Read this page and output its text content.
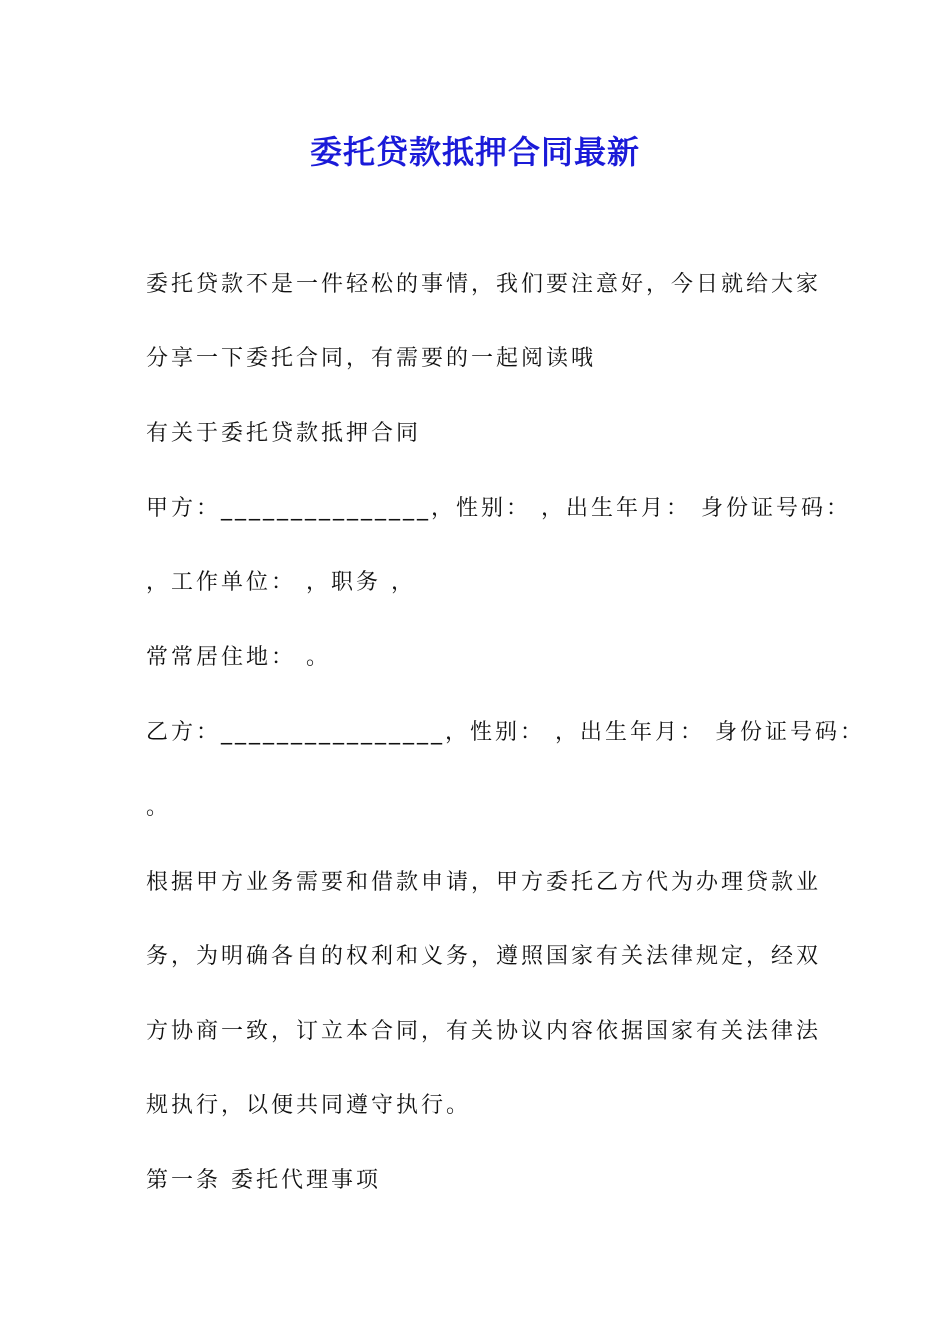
委托贷款抵押合同最新
委托贷款不是一件轻松的事情，我们要注意好，今日就给大家
分享一下委托合同，有需要的一起阅读哦
有关于委托贷款抵押合同
甲方：_______________，性别： ，出生年月： 身份证号码：
，工作单位： ，职务 ，
常常居住地： 。
乙方：________________，性别： ，出生年月： 身份证号码：
。
根据甲方业务需要和借款申请，甲方委托乙方代为办理贷款业
务，为明确各自的权利和义务，遵照国家有关法律规定，经双
方协商一致，订立本合同，有关协议内容依据国家有关法律法
规执行，以便共同遵守执行。
第一条 委托代理事项
